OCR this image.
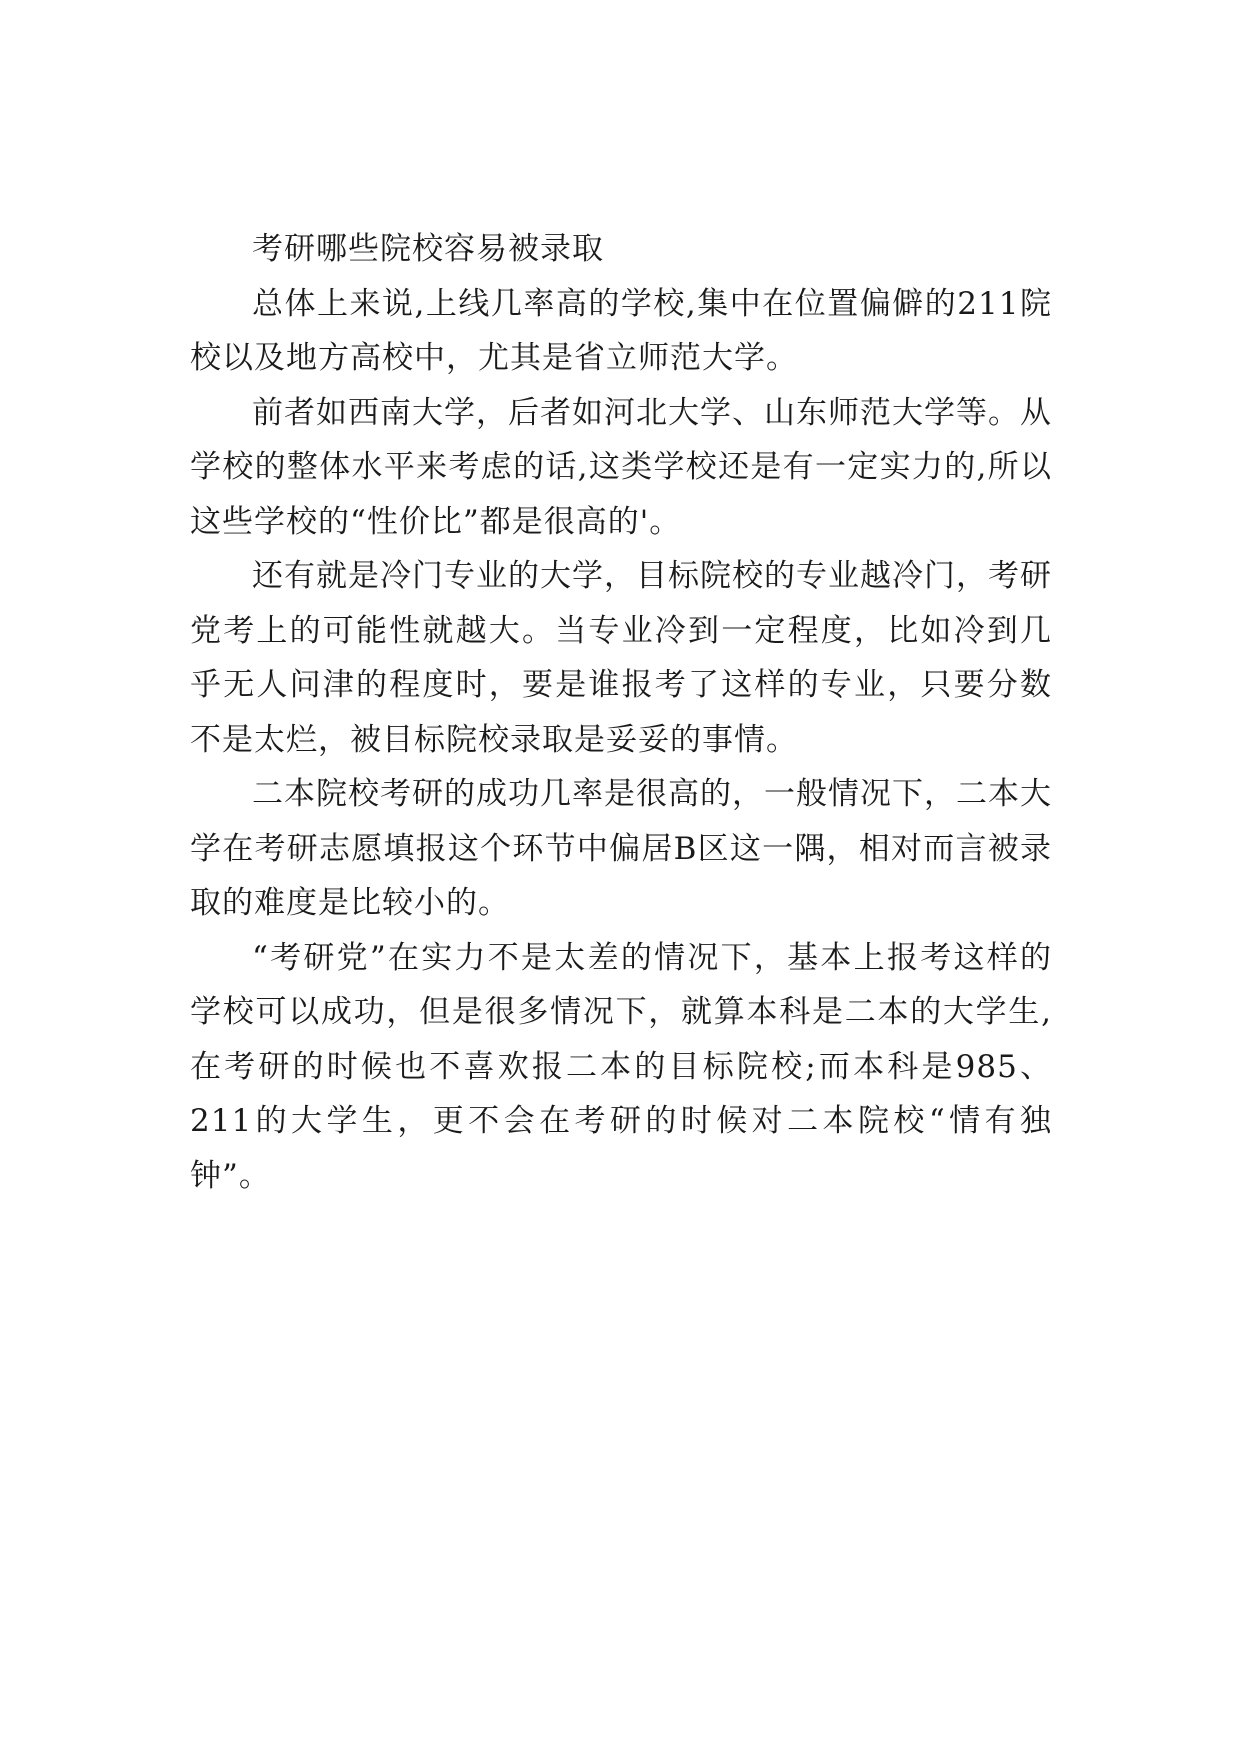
考研哪些院校容易被录取

总体上来说,上线几率高的学校,集中在位置偏僻的211院校以及地方高校中，尤其是省立师范大学。

前者如西南大学，后者如河北大学、山东师范大学等。从学校的整体水平来考虑的话,这类学校还是有一定实力的,所以这些学校的“性价比”都是很高的'。

还有就是冷门专业的大学，目标院校的专业越冷门，考研党考上的可能性就越大。当专业冷到一定程度，比如冷到几乎无人问津的程度时，要是谁报考了这样的专业，只要分数不是太烂，被目标院校录取是妥妥的事情。

二本院校考研的成功几率是很高的，一般情况下，二本大学在考研志愿填报这个环节中偏居B区这一隅，相对而言被录取的难度是比较小的。

“考研党”在实力不是太差的情况下，基本上报考这样的学校可以成功，但是很多情况下，就算本科是二本的大学生,在考研的时候也不喜欢报二本的目标院校;而本科是985、211的大学生，更不会在考研的时候对二本院校“情有独钟”。
